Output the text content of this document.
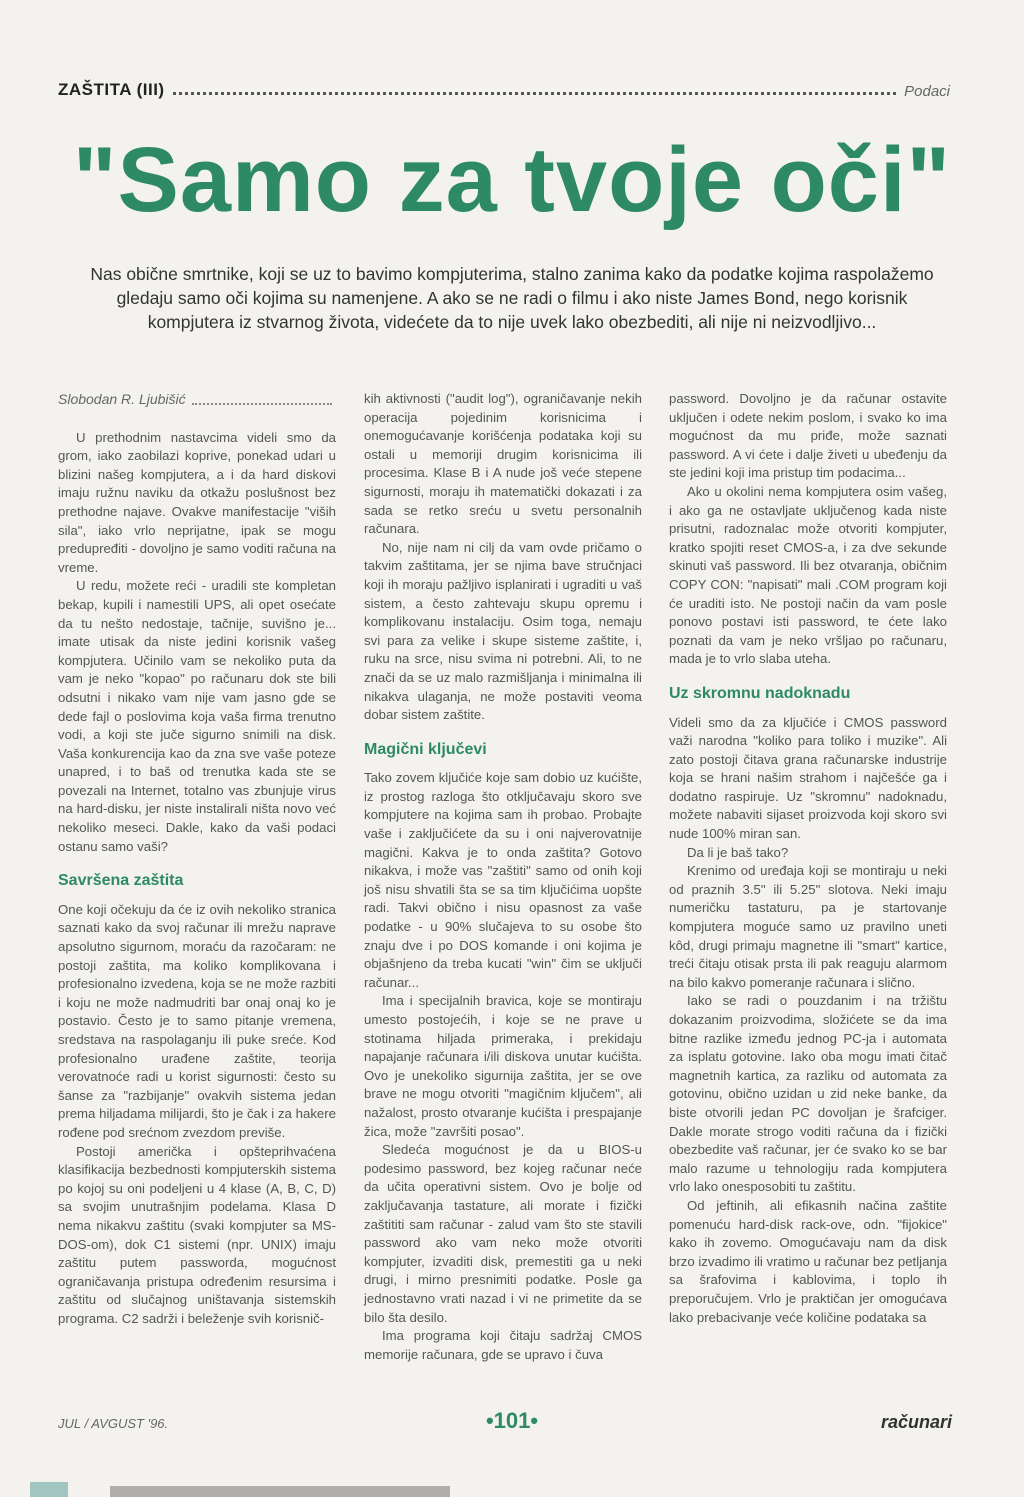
ZAŠTITA (III)	Podaci
"Samo za tvoje oči"
Nas obične smrtnike, koji se uz to bavimo kompjuterima, stalno zanima kako da podatke kojima raspolažemo gledaju samo oči kojima su namenjene. A ako se ne radi o filmu i ako niste James Bond, nego korisnik kompjutera iz stvarnog života, videćete da to nije uvek lako obezbediti, ali nije ni neizvodljivo...
Slobodan R. Ljubišić

U prethodnim nastavcima videli smo da grom, iako zaobilazi koprive, ponekad udari u blizini našeg kompjutera, a i da hard diskovi imaju ružnu naviku da otkažu poslušnost bez prethodne najave. Ovakve manifestacije "viših sila", iako vrlo neprijatne, ipak se mogu predupređiti - dovoljno je samo voditi računa na vreme.

U redu, možete reći - uradili ste kompletan bekap, kupili i namestili UPS, ali opet osećate da tu nešto nedostaje, tačnije, suvišno je... imate utisak da niste jedini korisnik vašeg kompjutera. Učinilo vam se nekoliko puta da vam je neko "kopao" po računaru dok ste bili odsutni i nikako vam nije vam jasno gde se dede fajl o poslovima koja vaša firma trenutno vodi, a koji ste juče sigurno snimili na disk. Vaša konkurencija kao da zna sve vaše poteze unapred, i to baš od trenutka kada ste se povezali na Internet, totalno vas zbunjuje virus na hard-disku, jer niste instalirali ništa novo već nekoliko meseci. Dakle, kako da vaši podaci ostanu samo vaši?

Savršena zaštita

One koji očekuju da će iz ovih nekoliko stranica saznati kako da svoj računar ili mrežu naprave apsolutno sigurnom, moraću da razočaram: ne postoji zaštita, ma koliko komplikovana i profesionalno izvedena, koja se ne može razbiti i koju ne može nadmudriti bar onaj onaj ko je postavio. Često je to samo pitanje vremena, sredstava na raspolaganju ili puke sreće. Kod profesionalno urađene zaštite, teorija verovatnoće radi u korist sigurnosti: često su šanse za "razbijanje" ovakvih sistema jedan prema hiljadama milijardi, što je čak i za hakere rođene pod srećnom zvezdom previše.

Postoji američka i opšteprihvaćena klasifikacija bezbednosti kompjuterskih sistema po kojoj su oni podeljeni u 4 klase (A, B, C, D) sa svojim unutrašnjim podelama. Klasa D nema nikakvu zaštitu (svaki kompjuter sa MS-DOS-om), dok C1 sistemi (npr. UNIX) imaju zaštitu putem passworda, mogućnost ograničavanja pristupa određenim resursima i zaštitu od slučajnog uništavanja sistemskih programa. C2 sadrži i beleženje svih korisnič-

kih aktivnosti ("audit log"), ograničavanje nekih operacija pojedinim korisnicima i onemogućavanje korišćenja podataka koji su ostali u memoriji drugim korisnicima ili procesima. Klase B i A nude još veće stepene sigurnosti, moraju ih matematički dokazati i za sada se retko sreću u svetu personalnih računara.

No, nije nam ni cilj da vam ovde pričamo o takvim zaštitama, jer se njima bave stručnjaci koji ih moraju pažljivo isplanirati i ugraditi u vaš sistem, a često zahtevaju skupu opremu i komplikovanu instalaciju. Osim toga, nemaju svi para za velike i skupe sisteme zaštite, i, ruku na srce, nisu svima ni potrebni. Ali, to ne znači da se uz malo razmišljanja i minimalna ili nikakva ulaganja, ne može postaviti veoma dobar sistem zaštite.

Magični ključevi

Tako zovem ključiće koje sam dobio uz kućište, iz prostog razloga što otključavaju skoro sve kompjutere na kojima sam ih probao. Probajte vaše i zaključićete da su i oni najverovatnije magični. Kakva je to onda zaštita? Gotovo nikakva, i može vas "zaštiti" samo od onih koji još nisu shvatili šta se sa tim ključićima uopšte radi. Takvi obično i nisu opasnost za vaše podatke - u 90% slučajeva to su osobe što znaju dve i po DOS komande i oni kojima je objašnjeno da treba kucati "win" čim se uključi računar...

Ima i specijalnih bravica, koje se montiraju umesto postojećih, i koje se ne prave u stotinama hiljada primeraka, i prekidaju napajanje računara i/ili diskova unutar kućišta. Ovo je unekoliko sigurnija zaštita, jer se ove brave ne mogu otvoriti "magičnim ključem", ali nažalost, prosto otvaranje kućišta i prespajanje žica, može "završiti posao".

Sledeća mogućnost je da u BIOS-u podesimo password, bez kojeg računar neće da učita operativni sistem. Ovo je bolje od zaključavanja tastature, ali morate i fizički zaštititi sam računar - zalud vam što ste stavili password ako vam neko može otvoriti kompjuter, izvaditi disk, premestiti ga u neki drugi, i mirno presnimiti podatke. Posle ga jednostavno vrati nazad i vi ne primetite da se bilo šta desilo.

Ima programa koji čitaju sadržaj CMOS memorije računara, gde se upravo i čuva

password. Dovoljno je da računar ostavite uključen i odete nekim poslom, i svako ko ima mogućnost da mu priđe, može saznati password. A vi ćete i dalje živeti u ubeđenju da ste jedini koji ima pristup tim podacima...

Ako u okolini nema kompjutera osim vašeg, i ako ga ne ostavljate uključenog kada niste prisutni, radoznalac može otvoriti kompjuter, kratko spojiti reset CMOS-a, i za dve sekunde skinuti vaš password. Ili bez otvaranja, običnim COPY CON: "napisati" mali .COM program koji će uraditi isto. Ne postoji način da vam posle ponovo postavi isti password, te ćete lako poznati da vam je neko vršljao po računaru, mada je to vrlo slaba uteha.

Uz skromnu nadoknadu

Videli smo da za ključiće i CMOS password važi narodna "koliko para toliko i muzike". Ali zato postoji čitava grana računarske industrije koja se hrani našim strahom i najčešće ga i dodatno raspiruje. Uz "skromnu" nadoknadu, možete nabaviti sijaset proizvoda koji skoro svi nude 100% miran san.

Da li je baš tako?

Krenimo od uređaja koji se montiraju u neki od praznih 3.5" ili 5.25" slotova. Neki imaju numeričku tastaturu, pa je startovanje kompjutera moguće samo uz pravilno uneti kôd, drugi primaju magnetne ili "smart" kartice, treći čitaju otisak prsta ili pak reaguju alarmom na bilo kakvo pomeranje računara i slično.

Iako se radi o pouzdanim i na tržištu dokazanim proizvodima, složićete se da ima bitne razlike između jednog PC-ja i automata za isplatu gotovine. Iako oba mogu imati čitač magnetnih kartica, za razliku od automata za gotovinu, obično uzidan u zid neke banke, da biste otvorili jedan PC dovoljan je šrafciger. Dakle morate strogo voditi računa da i fizički obezbedite vaš računar, jer će svako ko se bar malo razume u tehnologiju rada kompjutera vrlo lako onesposobiti tu zaštitu.

Od jeftinih, ali efikasnih načina zaštite pomenuću hard-disk rack-ove, odn. "fijokice" kako ih zovemo. Omogućavaju nam da disk brzo izvadimo ili vratimo u računar bez petljanja sa šrafovima i kablovima, i toplo ih preporučujem. Vrlo je praktičan jer omogućava lako prebacivanje veće količine podataka sa

JUL / AVGUST '96.	•101•	računari
